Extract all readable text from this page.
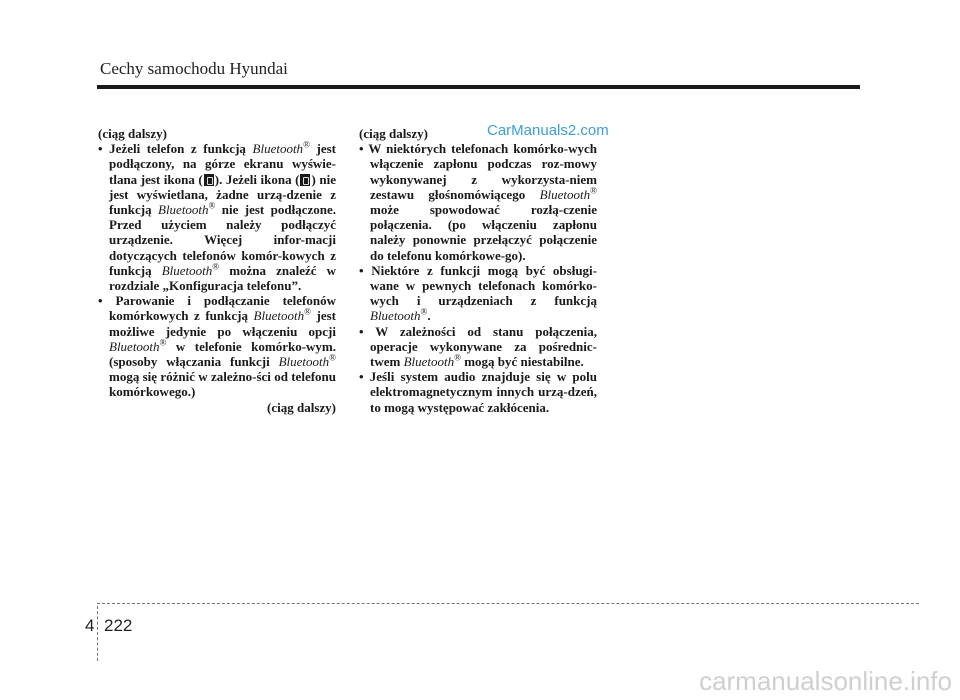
Cechy samochodu Hyundai

(ciąg dalszy)

• Jeżeli telefon z funkcją Bluetooth® jest podłączony, na górze ekranu wyświe-tlana jest ikona ( ). Jeżeli ikona ( ) nie jest wyświetlana, żadne urzą-dzenie z funkcją Bluetooth® nie jest podłączone. Przed użyciem należy podłączyć urządzenie. Więcej infor-macji dotyczących telefonów komór-kowych z funkcją Bluetooth® można znaleźć w rozdziale „Konfiguracja telefonu”.

• Parowanie i podłączanie telefonów komórkowych z funkcją Bluetooth® jest możliwe jedynie po włączeniu opcji Bluetooth® w telefonie komórko-wym. (sposoby włączania funkcji Bluetooth® mogą się różnić w zależno-ści od telefonu komórkowego.)

(ciąg dalszy)

(ciąg dalszy)

• W niektórych telefonach komórko-wych włączenie zapłonu podczas roz-mowy wykonywanej z wykorzysta-niem zestawu głośnomówiącego Bluetooth® może spowodować rozłą-czenie połączenia. (po włączeniu zapłonu należy ponownie przełączyć połączenie do telefonu komórkowe-go).

• Niektóre z funkcji mogą być obsługi-wane w pewnych telefonach komórko-wych i urządzeniach z funkcją Bluetooth®.

• W zależności od stanu połączenia, operacje wykonywane za pośrednic-twem Bluetooth® mogą być niestabilne.

• Jeśli system audio znajduje się w polu elektromagnetycznym innych urzą-dzeń, to mogą występować zakłócenia.

CarManuals2.com
4 222
carmanualsonline.info
